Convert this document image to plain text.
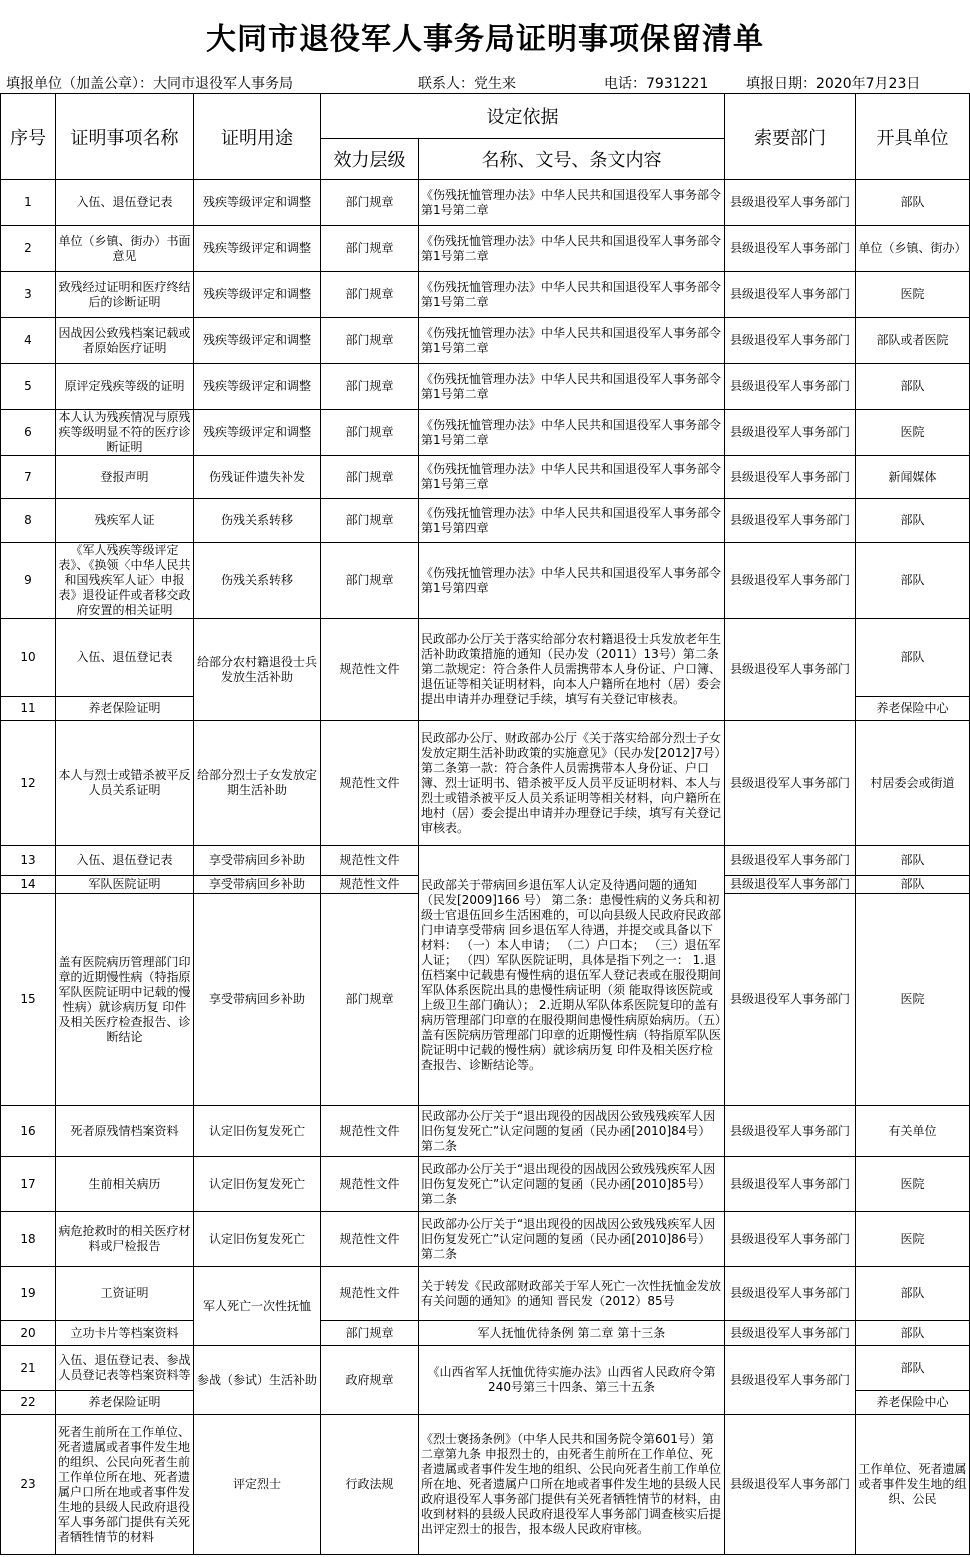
大同市退役军人事务局证明事项保留清单
填报单位（加盖公章）：大同市退役军人事务局	联系人：党生来	电话：7931221	填报日期：2020年7月23日
序号	证明事项名称	证明用途	设定依据		索要部门	开具单位
			效力层级	名称、文号、条文内容		
1	入伍、退伍登记表	残疾等级评定和调整	部门规章	《伤残抚恤管理办法》中华人民共和国退役军人事务部令第1号第二章	县级退役军人事务部门	部队
2	单位（乡镇、街办）书面意见	残疾等级评定和调整	部门规章	《伤残抚恤管理办法》中华人民共和国退役军人事务部令第1号第二章	县级退役军人事务部门	单位（乡镇、街办）
3	致残经过证明和医疗终结后的诊断证明	残疾等级评定和调整	部门规章	《伤残抚恤管理办法》中华人民共和国退役军人事务部令第1号第二章	县级退役军人事务部门	医院
4	因战因公致残档案记载或者原始医疗证明	残疾等级评定和调整	部门规章	《伤残抚恤管理办法》中华人民共和国退役军人事务部令第1号第二章	县级退役军人事务部门	部队或者医院
5	原评定残疾等级的证明	残疾等级评定和调整	部门规章	《伤残抚恤管理办法》中华人民共和国退役军人事务部令第1号第二章	县级退役军人事务部门	部队
6	本人认为残疾情况与原残疾等级明显不符的医疗诊断证明	残疾等级评定和调整	部门规章	《伤残抚恤管理办法》中华人民共和国退役军人事务部令第1号第二章	县级退役军人事务部门	医院
7	登报声明	伤残证件遗失补发	部门规章	《伤残抚恤管理办法》中华人民共和国退役军人事务部令第1号第三章	县级退役军人事务部门	新闻媒体
8	残疾军人证	伤残关系转移	部门规章	《伤残抚恤管理办法》中华人民共和国退役军人事务部令第1号第四章	县级退役军人事务部门	部队
9	《军人残疾等级评定表》、《换领〈中华人民共和国残疾军人证〉申报表》退役证件或者移交政府安置的相关证明	伤残关系转移	部门规章	《伤残抚恤管理办法》中华人民共和国退役军人事务部令第1号第四章	县级退役军人事务部门	部队
10	入伍、退伍登记表	给部分农村籍退役士兵发放生活补助	规范性文件	民政部办公厅关于落实给部分农村籍退役士兵发放老年生活补助政策措施的通知（民办发（2011）13号）第二条第二款规定：符合条件人员需携带本人身份证、户口簿、退伍证等相关证明材料，向本人户籍所在地村（居）委会提出申请并办理登记手续，填写有关登记审核表。	县级退役军人事务部门	部队
11	养老保险证明					养老保险中心
12	本人与烈士或错杀被平反人员关系证明	给部分烈士子女发放定期生活补助	规范性文件	民政部办公厅、财政部办公厅《关于落实给部分烈士子女发放定期生活补助政策的实施意见》（民办发[2012]7号）第二条第一款：符合条件人员需携带本人身份证、户口簿、烈士证明书、错杀被平反人员平反证明材料、本人与烈士或错杀被平反人员关系证明等相关材料，向户籍所在地村（居）委会提出申请并办理登记手续，填写有关登记审核表。	县级退役军人事务部门	村居委会或街道
13	入伍、退伍登记表	享受带病回乡补助	规范性文件	民政部关于带病回乡退伍军人认定及待遇问题的通知 （民发[2009]166 号） 第二条：患慢性病的义务兵和初级士官退伍回乡生活困难的，可以向县级人民政府民政部门申请享受带病 回乡退伍军人待遇，并提交或具备以下材料： （一）本人申请； （二）户口本； （三）退伍军人证； （四）军队医院证明，具体是指下列之一： 1.退伍档案中记载患有慢性病的退伍军人登记表或在服役期间军队体系医院出具的患慢性病证明（须 能取得该医院或上级卫生部门确认）； 2.近期从军队体系医院复印的盖有病历管理部门印章的在服役期间患慢性病原始病历。（五）盖有医院病历管理部门印章的近期慢性病（特指原军队医院证明中记载的慢性病）就诊病历复 印件及相关医疗检查报告、诊断结论等。	县级退役军人事务部门	部队
14	军队医院证明	享受带病回乡补助	规范性文件		县级退役军人事务部门	部队
15	盖有医院病历管理部门印章的近期慢性病（特指原军队医院证明中记载的慢性病）就诊病历复 印件及相关医疗检查报告、诊断结论	享受带病回乡补助	部门规章		县级退役军人事务部门	医院
16	死者原残情档案资料	认定旧伤复发死亡	规范性文件	民政部办公厅关于“退出现役的因战因公致残残疾军人因旧伤复发死亡”认定问题的复函（民办函[2010]84号）第二条	县级退役军人事务部门	有关单位
17	生前相关病历	认定旧伤复发死亡	规范性文件	民政部办公厅关于“退出现役的因战因公致残残疾军人因旧伤复发死亡”认定问题的复函（民办函[2010]85号）第二条	县级退役军人事务部门	医院
18	病危抢救时的相关医疗材料或尸检报告	认定旧伤复发死亡	规范性文件	民政部办公厅关于“退出现役的因战因公致残残疾军人因旧伤复发死亡”认定问题的复函（民办函[2010]86号）第二条	县级退役军人事务部门	医院
19	工资证明	军人死亡一次性抚恤	规范性文件	关于转发《民政部财政部关于军人死亡一次性抚恤金发放有关问题的通知》的通知 晋民发（2012）85号	县级退役军人事务部门	部队
20	立功卡片等档案资料		部门规章	军人抚恤优待条例 第二章 第十三条	县级退役军人事务部门	部队
21	入伍、退伍登记表、参战人员登记表等档案资料等	参战（参试）生活补助	政府规章	《山西省军人抚恤优待实施办法》山西省人民政府令第240号第三十四条、第三十五条	县级退役军人事务部门	部队
22	养老保险证明					养老保险中心
23	死者生前所在工作单位、死者遗属或者事件发生地的组织、公民向死者生前工作单位所在地、死者遗属户口所在地或者事件发生地的县级人民政府退役军人事务部门提供有关死者牺牲情节的材料	评定烈士	行政法规	《烈士褒扬条例》（中华人民共和国务院令第601号）第二章第九条 申报烈士的，由死者生前所在工作单位、死者遗属或者事件发生地的组织、公民向死者生前工作单位所在地、死者遗属户口所在地或者事件发生地的县级人民政府退役军人事务部门提供有关死者牺牲情节的材料，由收到材料的县级人民政府退役军人事务部门调查核实后提出评定烈士的报告，报本级人民政府审核。	县级退役军人事务部门	工作单位、死者遗属或者事件发生地的组织、公民
